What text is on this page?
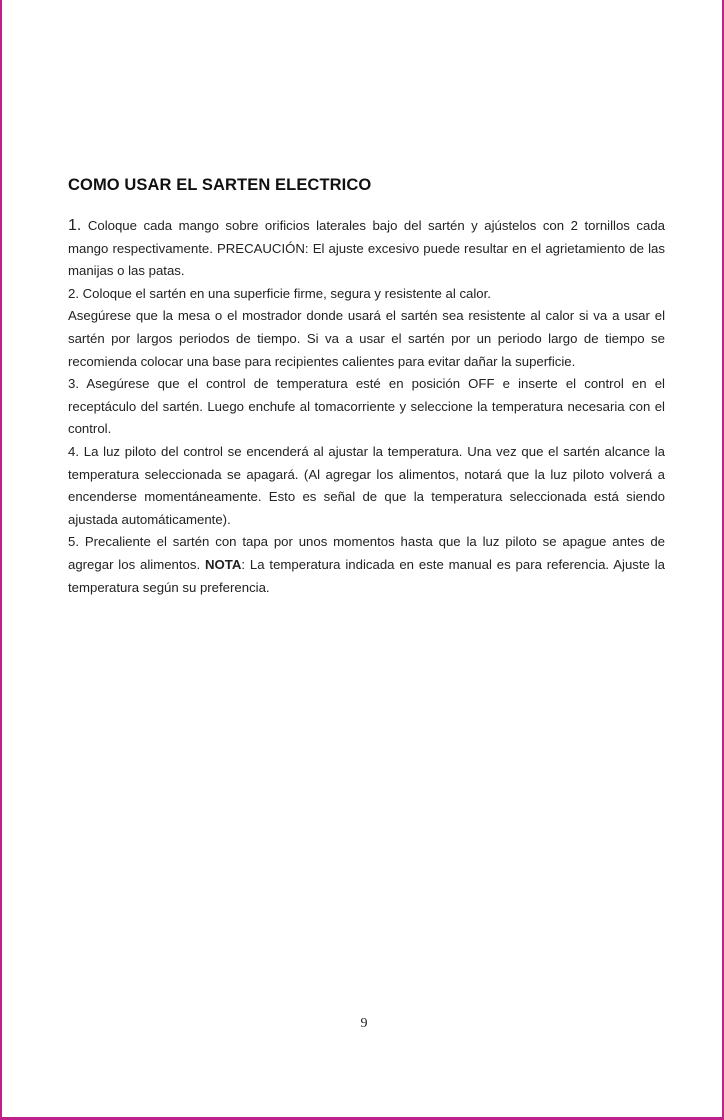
COMO USAR EL SARTEN ELECTRICO

1. Coloque cada mango sobre orificios laterales bajo del sartén y ajústelos con 2 tornillos cada mango respectivamente. PRECAUCIÓN: El ajuste excesivo puede resultar en el agrietamiento de las manijas o las patas.

2. Coloque el sartén en una superficie firme, segura y resistente al calor.

Asegúrese que la mesa o el mostrador donde usará el sartén sea resistente al calor si va a usar el sartén por largos periodos de tiempo. Si va a usar el sartén por un periodo largo de tiempo se recomienda colocar una base para recipientes calientes para evitar dañar la superficie.

3. Asegúrese que el control de temperatura esté en posición OFF e inserte el control en el receptáculo del sartén. Luego enchufe al tomacorriente y seleccione la temperatura necesaria con el control.

4. La luz piloto del control se encenderá al ajustar la temperatura. Una vez que el sartén alcance la temperatura seleccionada se apagará. (Al agregar los alimentos, notará que la luz piloto volverá a encenderse momentáneamente. Esto es señal de que la temperatura seleccionada está siendo ajustada automáticamente).

5. Precaliente el sartén con tapa por unos momentos hasta que la luz piloto se apague antes de agregar los alimentos. NOTA: La temperatura indicada en este manual es para referencia. Ajuste la temperatura según su preferencia.

9
